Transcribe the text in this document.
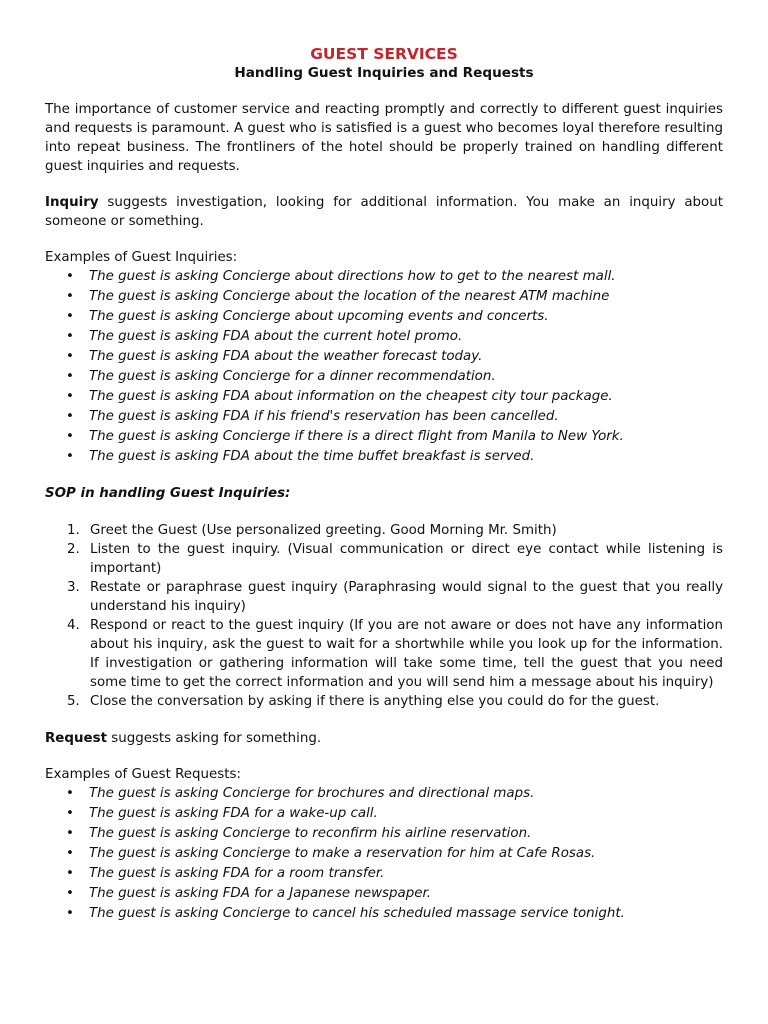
GUEST SERVICES
Handling Guest Inquiries and Requests

The importance of customer service and reacting promptly and correctly to different guest inquiries and requests is paramount. A guest who is satisfied is a guest who becomes loyal therefore resulting into repeat business. The frontliners of the hotel should be properly trained on handling different guest inquiries and requests.

Inquiry suggests investigation, looking for additional information. You make an inquiry about someone or something.

Examples of Guest Inquiries:

• The guest is asking Concierge about directions how to get to the nearest mall.
• The guest is asking Concierge about the location of the nearest ATM machine
• The guest is asking Concierge about upcoming events and concerts.
• The guest is asking FDA about the current hotel promo.
• The guest is asking FDA about the weather forecast today.
• The guest is asking Concierge for a dinner recommendation.
• The guest is asking FDA about information on the cheapest city tour package.
• The guest is asking FDA if his friend's reservation has been cancelled.
• The guest is asking Concierge if there is a direct flight from Manila to New York.
• The guest is asking FDA about the time buffet breakfast is served.

SOP in handling Guest Inquiries:

1. Greet the Guest (Use personalized greeting. Good Morning Mr. Smith)
2. Listen to the guest inquiry. (Visual communication or direct eye contact while listening is important)
3. Restate or paraphrase guest inquiry (Paraphrasing would signal to the guest that you really understand his inquiry)
4. Respond or react to the guest inquiry (If you are not aware or does not have any information about his inquiry, ask the guest to wait for a shortwhile while you look up for the information. If investigation or gathering information will take some time, tell the guest that you need some time to get the correct information and you will send him a message about his inquiry)
5. Close the conversation by asking if there is anything else you could do for the guest.

Request suggests asking for something.

Examples of Guest Requests:

• The guest is asking Concierge for brochures and directional maps.
• The guest is asking FDA for a wake-up call.
• The guest is asking Concierge to reconfirm his airline reservation.
• The guest is asking Concierge to make a reservation for him at Cafe Rosas.
• The guest is asking FDA for a room transfer.
• The guest is asking FDA for a Japanese newspaper.
• The guest is asking Concierge to cancel his scheduled massage service tonight.
